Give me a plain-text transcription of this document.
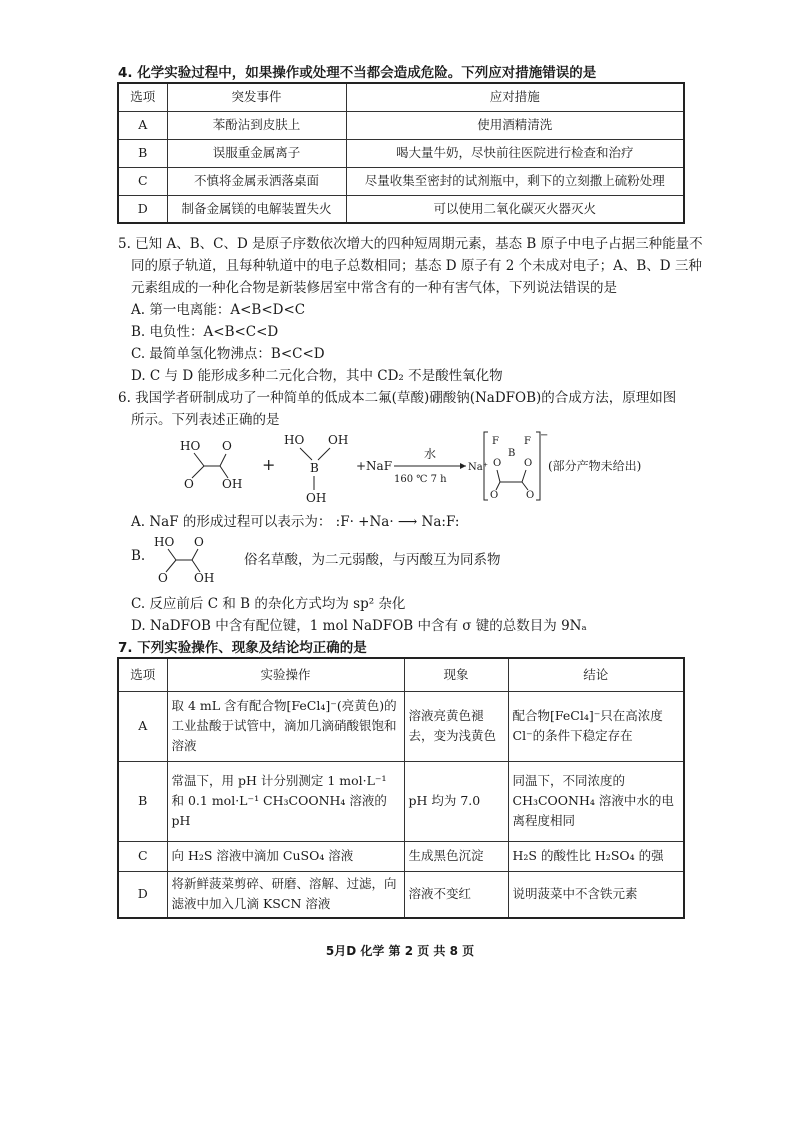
4. 化学实验过程中，如果操作或处理不当都会造成危险。下列应对措施错误的是
选项	突发事件	应对措施
A	苯酚沾到皮肤上	使用酒精清洗
B	误服重金属离子	喝大量牛奶，尽快前往医院进行检查和治疗
C	不慎将金属汞洒落桌面	尽量收集至密封的试剂瓶中，剩下的立刻撒上硫粉处理
D	制备金属镁的电解装置失火	可以使用二氧化碳灭火器灭火
5. 已知 A、B、C、D 是原子序数依次增大的四种短周期元素，基态 B 原子中电子占据三种能量不
同的原子轨道，且每种轨道中的电子总数相同；基态 D 原子有 2 个未成对电子；A、B、D 三种
元素组成的一种化合物是新装修居室中常含有的一种有害气体，下列说法错误的是
A. 第一电离能：A<B<D<C
B. 电负性：A<B<C<D
C. 最简单氢化物沸点：B<C<D
D. C 与 D 能形成多种二元化合物，其中 CD₂ 不是酸性氧化物
6. 我国学者研制成功了一种简单的低成本二氟(草酸)硼酸钠(NaDFOB)的合成方法，原理如图
所示。下列表述正确的是
HO O
O OH
+
HO OH
B
OH
+NaF
水
160 ℃ 7 h
Na⁺
−
F	F
B
O O
O	O
(部分产物未给出)
A. NaF 的形成过程可以表示为： :F· +Na· ⟶ Na:F:
B.
HO O
O OH
俗名草酸，为二元弱酸，与丙酸互为同系物
C. 反应前后 C 和 B 的杂化方式均为 sp² 杂化
D. NaDFOB 中含有配位键，1 mol NaDFOB 中含有 σ 键的总数目为 9Nₐ
7. 下列实验操作、现象及结论均正确的是
选项	实验操作	现象	结论
A	取 4 mL 含有配合物[FeCl₄]⁻(亮黄色)的工业盐酸于试管中，滴加几滴硝酸银饱和溶液	溶液亮黄色褪去，变为浅黄色	配合物[FeCl₄]⁻只在高浓度Cl⁻的条件下稳定存在
B	常温下，用 pH 计分别测定 1 mol·L⁻¹ 和 0.1 mol·L⁻¹ CH₃COONH₄ 溶液的 pH	pH 均为 7.0	同温下，不同浓度的 CH₃COONH₄ 溶液中水的电离程度相同
C	向 H₂S 溶液中滴加 CuSO₄ 溶液	生成黑色沉淀	H₂S 的酸性比 H₂SO₄ 的强
D	将新鲜菠菜剪碎、研磨、溶解、过滤，向滤液中加入几滴 KSCN 溶液	溶液不变红	说明菠菜中不含铁元素
5月D 化学 第 2 页 共 8 页
